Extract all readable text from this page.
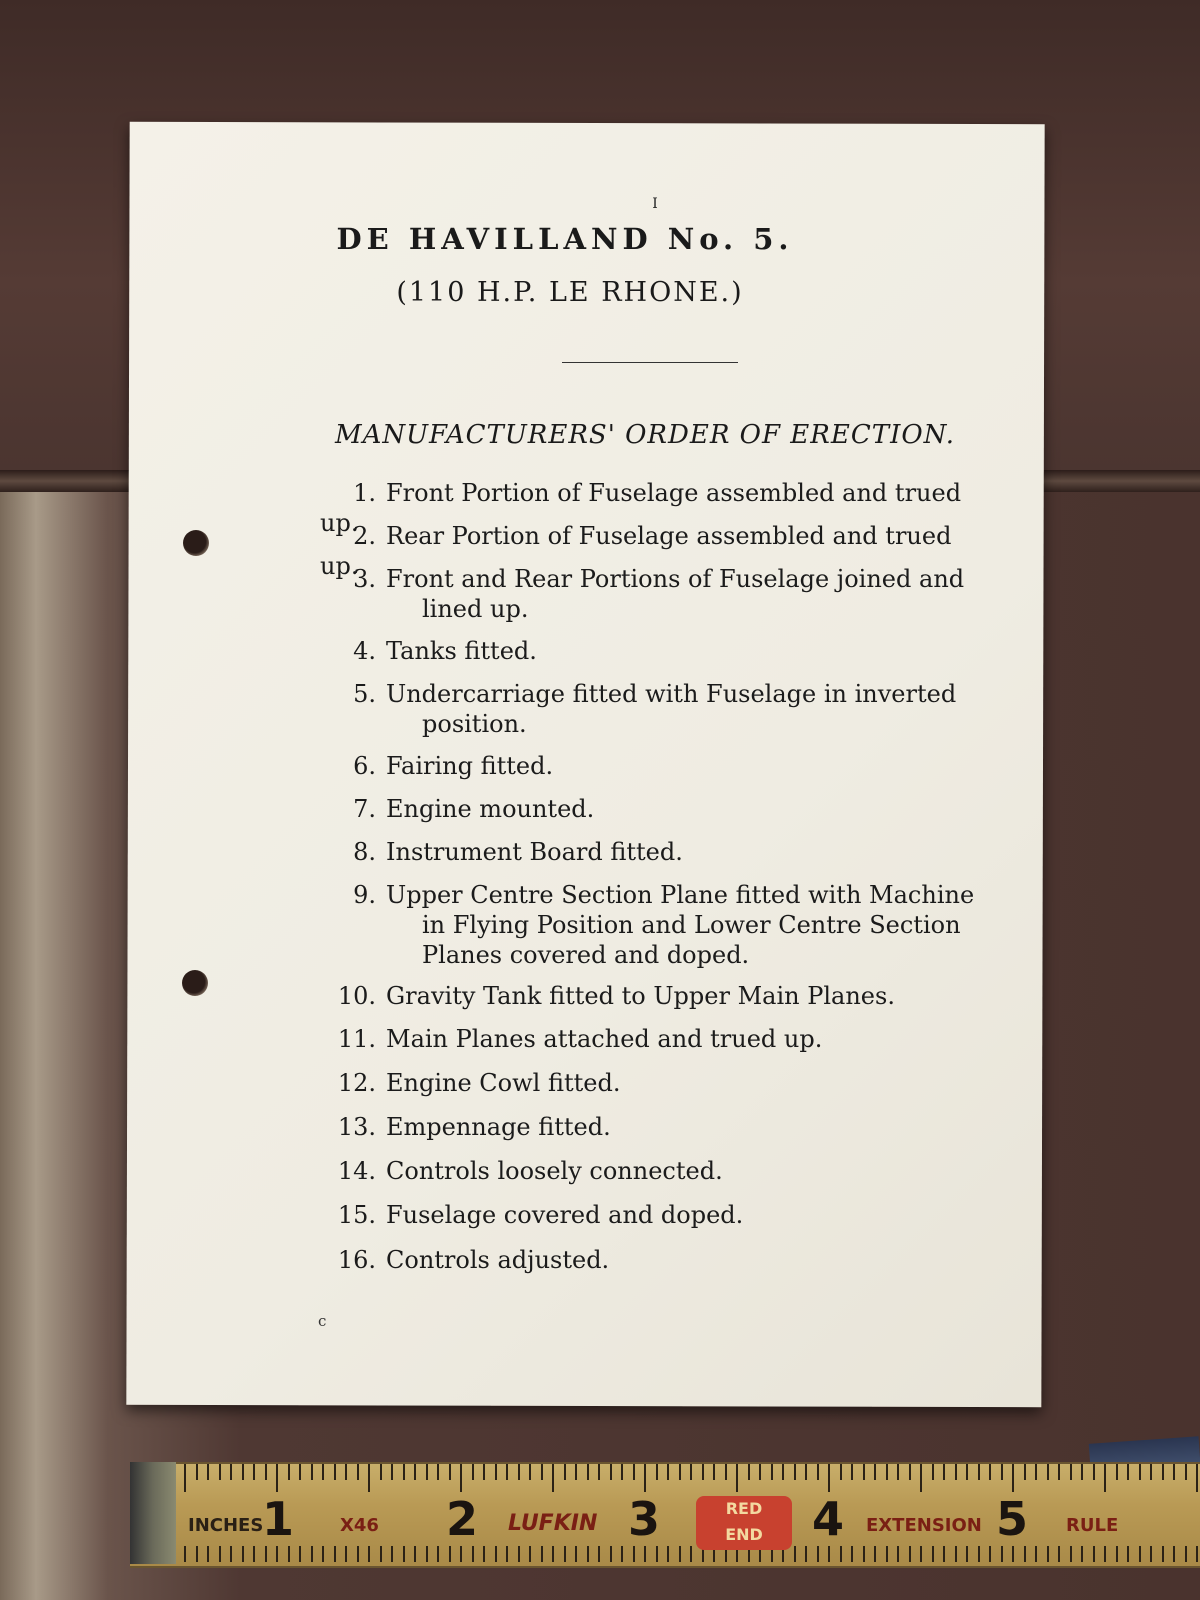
I
DE HAVILLAND No. 5.
(110 H.P. LE RHONE.)
MANUFACTURERS' ORDER OF ERECTION.
1. Front Portion of Fuselage assembled and trued up.
2. Rear Portion of Fuselage assembled and trued up.
3. Front and Rear Portions of Fuselage joined and
lined up.
4. Tanks fitted.
5. Undercarriage fitted with Fuselage in inverted
position.
6. Fairing fitted.
7. Engine mounted.
8. Instrument Board fitted.
9. Upper Centre Section Plane fitted with Machine
in Flying Position and Lower Centre Section
Planes covered and doped.
10. Gravity Tank fitted to Upper Main Planes.
11. Main Planes attached and trued up.
12. Engine Cowl fitted.
13. Empennage fitted.
14. Controls loosely connected.
15. Fuselage covered and doped.
16. Controls adjusted.
c
INCHES	X46	LUFKIN
RED
END	EXTENSION	RULE
1	2	3	4	5
